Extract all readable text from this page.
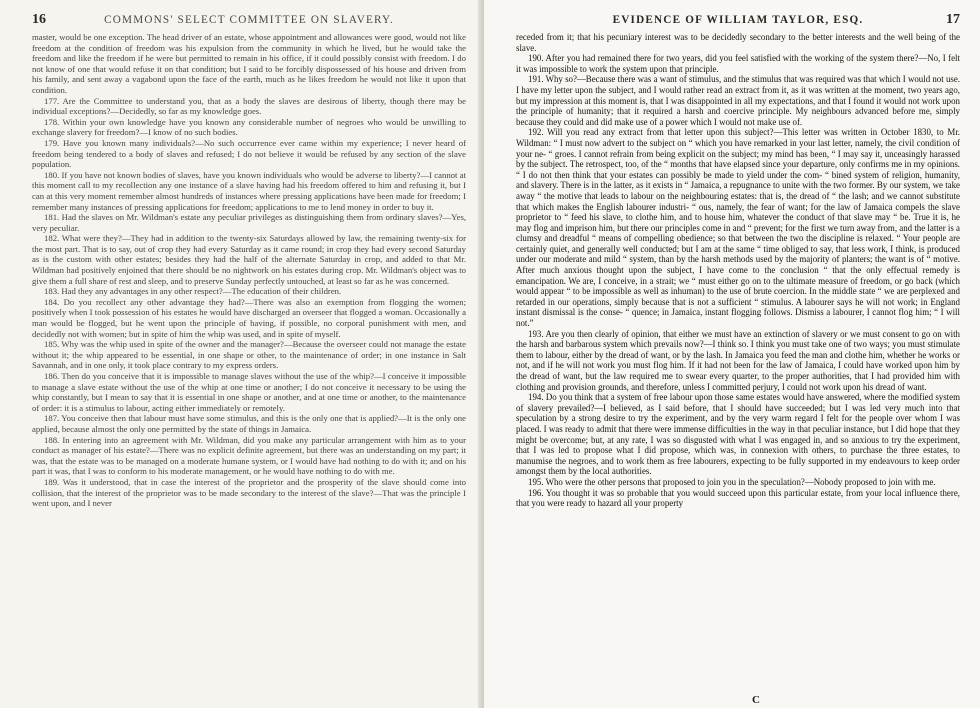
16	COMMONS' SELECT COMMITTEE ON SLAVERY.

master, would be one exception. The head driver of an estate, whose appointment and allowances were good, would not like freedom at the condition of freedom was his expulsion from the community in which he lived, but he would take the freedom and like the freedom if he were but permitted to remain in his office, if it could possibly consist with freedom. I do not know of one that would refuse it on that condition; but I said to be forcibly dispossessed of his house and driven from his family, and sent away a vagabond upon the face of the earth, much as he likes freedom he would not like it upon that condition.

177. Are the Committee to understand you, that as a body the slaves are desirous of liberty, though there may be individual exceptions?—Decidedly, so far as my knowledge goes.

178. Within your own knowledge have you known any considerable number of negroes who would be unwilling to exchange slavery for freedom?—I know of no such bodies.

179. Have you known many individuals?—No such occurrence ever came within my experience; I never heard of freedom being tendered to a body of slaves and refused; I do not believe it would be refused by any section of the slave population.

180. If you have not known bodies of slaves, have you known individuals who would be adverse to liberty?—I cannot at this moment call to my recollection any one instance of a slave having had his freedom offered to him and refusing it, but I can at this very moment remember almost hundreds of instances where pressing applications have been made for freedom; I remember many instances of pressing applications for freedom; applications to me to lend money in order to buy it.

181. Had the slaves on Mr. Wildman's estate any peculiar privileges as distinguishing them from ordinary slaves?—Yes, very peculiar.

182. What were they?—They had in addition to the twenty-six Saturdays allowed by law, the remaining twenty-six for the most part. That is to say, out of crop they had every Saturday as it came round; in crop they had every second Saturday as is the custom with other estates; besides they had the half of the alternate Saturday in crop, and added to that Mr. Wildman had positively enjoined that there should be no nightwork on his estates during crop. Mr. Wildman's object was to give them a full share of rest and sleep, and to preserve Sunday perfectly untouched, at least so far as he was concerned.

183. Had they any advantages in any other respect?—The education of their children.

184. Do you recollect any other advantage they had?—There was also an exemption from flogging the women; positively when I took possession of his estates he would have discharged an overseer that flogged a woman. Occasionally a man would be flogged, but he went upon the principle of having, if possible, no corporal punishment with men, and decidedly not with women; but in spite of him the whip was used, and in spite of myself.

185. Why was the whip used in spite of the owner and the manager?—Because the overseer could not manage the estate without it; the whip appeared to be essential, in one shape or other, to the maintenance of order; in one instance in Salt Savannah, and in one only, it took place contrary to my express orders.

186. Then do you conceive that it is impossible to manage slaves without the use of the whip?—I conceive it impossible to manage a slave estate without the use of the whip at one time or another; I do not conceive it necessary to be using the whip constantly, but I mean to say that it is essential in one shape or another, and at one time or another, to the maintenance of order: it is a stimulus to labour, acting either immediately or remotely.

187. You conceive then that labour must have some stimulus, and this is the only one that is applied?—It is the only one applied, because almost the only one permitted by the state of things in Jamaica.

188. In entering into an agreement with Mr. Wildman, did you make any particular arrangement with him as to your conduct as manager of his estate?—There was no explicit definite agreement, but there was an understanding on my part; it was, that the estate was to be managed on a moderate humane system, or I would have had nothing to do with it; and on his part it was, that I was to conform to his moderate management, or he would have nothing to do with me.

189. Was it understood, that in case the interest of the proprietor and the prosperity of the slave should come into collision, that the interest of the proprietor was to be made secondary to the interest of the slave?—That was the principle I went upon, and I never

EVIDENCE OF WILLIAM TAYLOR, ESQ.	17

receded from it; that his pecuniary interest was to be decidedly secondary to the better interests and the well being of the slave.

190. After you had remained there for two years, did you feel satisfied with the working of the system there?—No, I felt it was impossible to work the system upon that principle.

191. Why so?—Because there was a want of stimulus, and the stimulus that was required was that which I would not use. I have my letter upon the subject, and I would rather read an extract from it, as it was written at the moment, two years ago, but my impression at this moment is, that I was disappointed in all my expectations, and that I found it would not work upon the principle of humanity; that it required a harsh and coercive principle. My neighbours advanced before me, simply because they could and did make use of a power which I would not make use of.

192. Will you read any extract from that letter upon this subject?—This letter was written in October 1830, to Mr. Wildman: “ I must now advert to the subject on “ which you have remarked in your last letter, namely, the civil condition of your ne- “ groes. I cannot refrain from being explicit on the subject; my mind has been, “ I may say it, unceasingly harassed by the subject. The retrospect, too, of the “ months that have elapsed since your departure, only confirms me in my opinions. “ I do not then think that your estates can possibly be made to yield under the com- “ bined system of religion, humanity, and slavery. There is in the latter, as it exists in “ Jamaica, a repugnance to unite with the two former. By our system, we take away “ the motive that leads to labour on the neighbouring estates: that is, the dread of “ the lash; and we cannot substitute that which makes the English labourer industri- “ ous, namely, the fear of want; for the law of Jamaica compels the slave proprietor to “ feed his slave, to clothe him, and to house him, whatever the conduct of that slave may “ be. True it is, he may flog and imprison him, but there our principles come in and “ prevent; for the first we turn away from, and the latter is a clumsy and dreadful “ means of compelling obedience; so that between the two the discipline is relaxed. “ Your people are certainly quiet, and generally well conducted; but I am at the same “ time obliged to say, that less work, I think, is produced under our moderate and mild “ system, than by the harsh methods used by the majority of planters; the want is of “ motive. After much anxious thought upon the subject, I have come to the conclusion “ that the only effectual remedy is emancipation. We are, I conceive, in a strait; we “ must either go on to the ultimate measure of freedom, or go back (which would appear “ to be impossible as well as inhuman) to the use of brute coercion. In the middle state “ we are perplexed and retarded in our operations, simply because that is not a sufficient “ stimulus. A labourer says he will not work; in England instant dismissal is the conse- “ quence; in Jamaica, instant flogging follows. Dismiss a labourer, I cannot flog him; “ I will not.”

193. Are you then clearly of opinion, that either we must have an extinction of slavery or we must consent to go on with the harsh and barbarous system which prevails now?—I think so. I think you must take one of two ways; you must stimulate them to labour, either by the dread of want, or by the lash. In Jamaica you feed the man and clothe him, whether he works or not, and if he will not work you must flog him. If it had not been for the law of Jamaica, I could have worked upon him by the dread of want, but the law required me to swear every quarter, to the proper authorities, that I had provided him with clothing and provision grounds, and therefore, unless I committed perjury, I could not work upon his dread of want.

194. Do you think that a system of free labour upon those same estates would have answered, where the modified system of slavery prevailed?—I believed, as I said before, that I should have succeeded; but I was led very much into that speculation by a strong desire to try the experiment, and by the very warm regard I felt for the people over whom I was placed. I was ready to admit that there were immense difficulties in the way in that peculiar instance, but I did hope that they might be overcome; but, at any rate, I was so disgusted with what I was engaged in, and so anxious to try the experiment, that I was led to propose what I did propose, which was, in connexion with others, to purchase the three estates, to manumise the negroes, and to work them as free labourers, expecting to be fully supported in my endeavours to keep order amongst them by the local authorities.

195. Who were the other persons that proposed to join you in the speculation?—Nobody proposed to join with me.

196. You thought it was so probable that you would succeed upon this particular estate, from your local influence there, that you were ready to hazard all your property

C
